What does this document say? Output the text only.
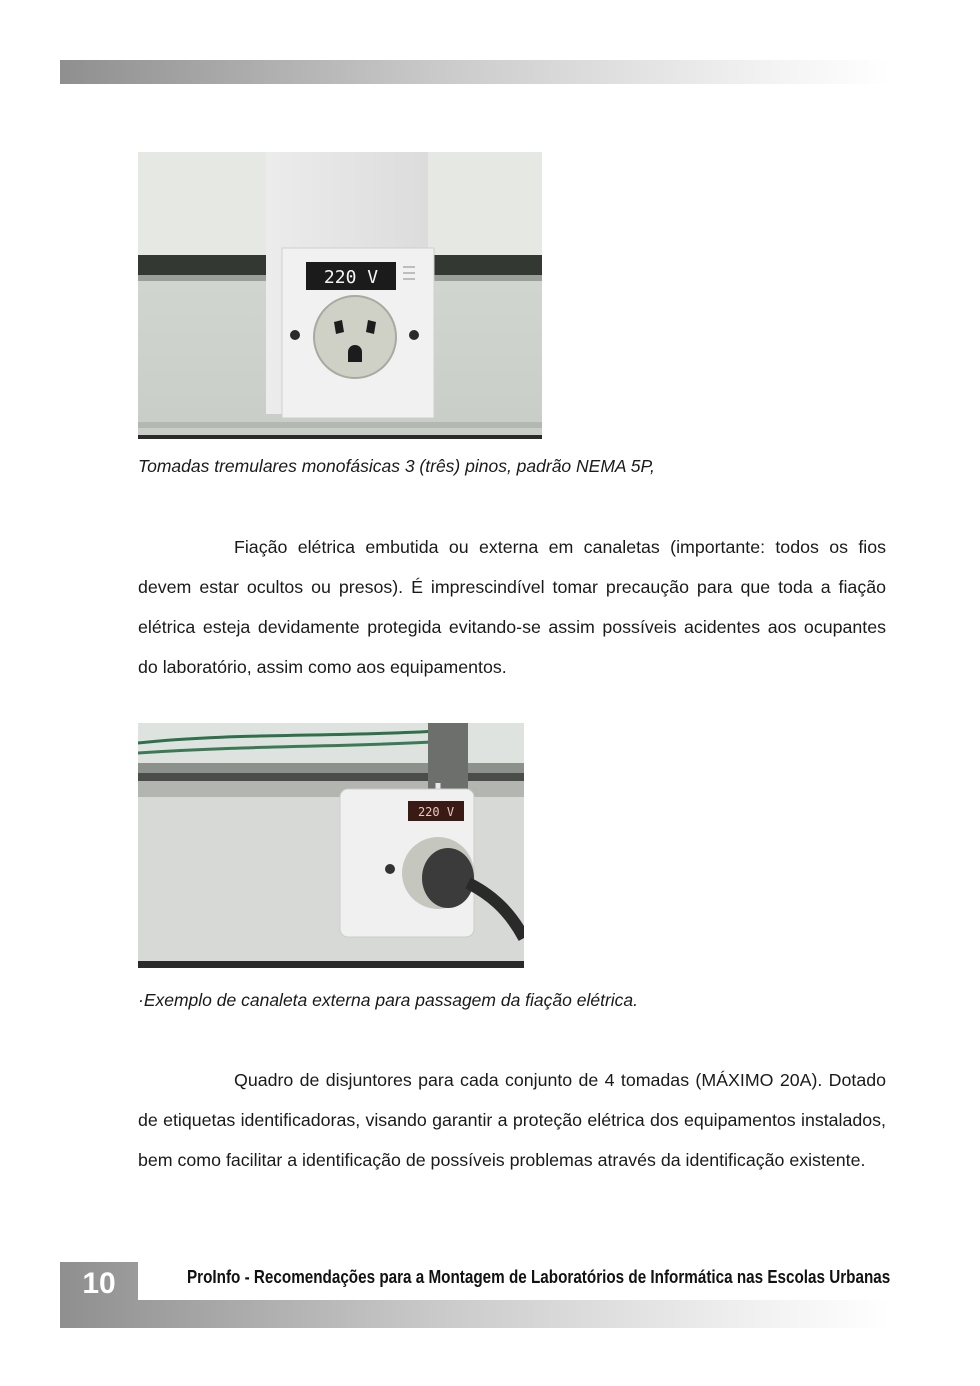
220 V

Tomadas tremulares monofásicas 3 (três) pinos, padrão NEMA 5P,

Fiação elétrica embutida ou externa em canaletas (importante: todos os fios devem estar ocultos ou presos). É imprescindível tomar precaução para que toda a fiação elétrica esteja devidamente protegida evitando-se assim possíveis acidentes aos ocupantes do laboratório, assim como aos equipamentos.

220 V

·Exemplo de canaleta externa para passagem da fiação elétrica.

Quadro de disjuntores para cada conjunto de 4 tomadas (MÁXIMO 20A). Dotado de etiquetas identificadoras, visando garantir a proteção elétrica dos equipamentos instalados, bem como facilitar a identificação de possíveis problemas através da identificação existente.

10	ProInfo - Recomendações para a Montagem de Laboratórios de Informática nas Escolas Urbanas
